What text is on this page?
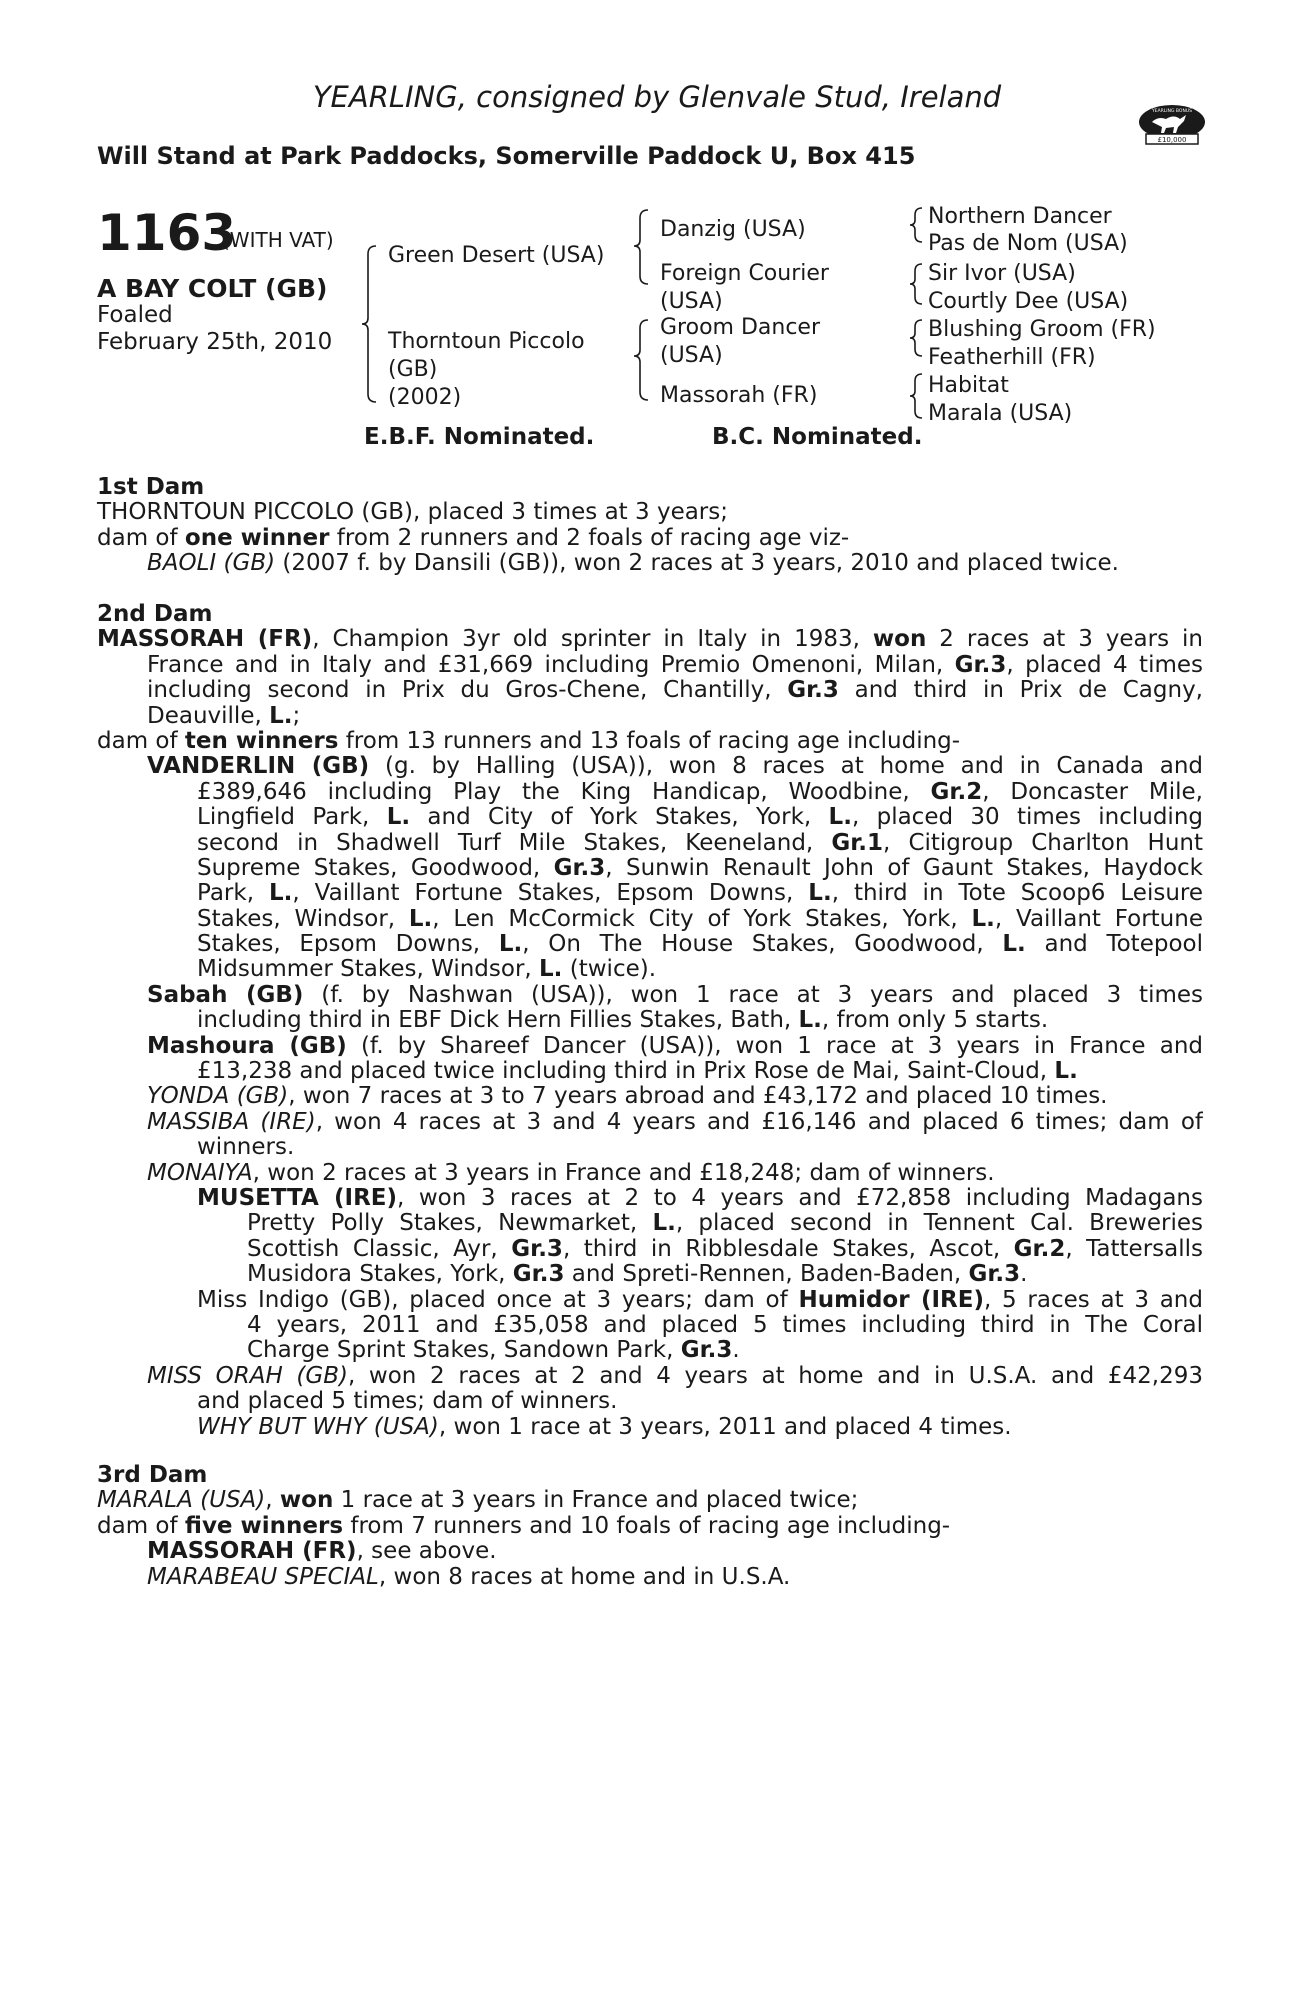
YEARLING, consigned by Glenvale Stud, Ireland
Will Stand at Park Paddocks, Somerville Paddock U, Box 415
£10,000
YEARLING BONUS
1163
(WITH VAT)
A BAY COLT (GB)
Foaled
February 25th, 2010
Green Desert (USA)
Thorntoun Piccolo
(GB)
(2002)
Danzig (USA)
Foreign Courier
(USA)
Groom Dancer
(USA)
Massorah (FR)
Northern Dancer
Pas de Nom (USA)
Sir Ivor (USA)
Courtly Dee (USA)
Blushing Groom (FR)
Featherhill (FR)
Habitat
Marala (USA)
E.B.F. Nominated.	B.C. Nominated.
1st Dam
THORNTOUN PICCOLO (GB), placed 3 times at 3 years;
dam of one winner from 2 runners and 2 foals of racing age viz-
BAOLI (GB) (2007 f. by Dansili (GB)), won 2 races at 3 years, 2010 and placed twice.
2nd Dam
MASSORAH (FR), Champion 3yr old sprinter in Italy in 1983, won 2 races at 3 years in
France and in Italy and £31,669 including Premio Omenoni, Milan, Gr.3, placed 4 times
including second in Prix du Gros-Chene, Chantilly, Gr.3 and third in Prix de Cagny,
Deauville, L.;
dam of ten winners from 13 runners and 13 foals of racing age including-
VANDERLIN (GB) (g. by Halling (USA)), won 8 races at home and in Canada and
£389,646 including Play the King Handicap, Woodbine, Gr.2, Doncaster Mile,
Lingfield Park, L. and City of York Stakes, York, L., placed 30 times including
second in Shadwell Turf Mile Stakes, Keeneland, Gr.1, Citigroup Charlton Hunt
Supreme Stakes, Goodwood, Gr.3, Sunwin Renault John of Gaunt Stakes, Haydock
Park, L., Vaillant Fortune Stakes, Epsom Downs, L., third in Tote Scoop6 Leisure
Stakes, Windsor, L., Len McCormick City of York Stakes, York, L., Vaillant Fortune
Stakes, Epsom Downs, L., On The House Stakes, Goodwood, L. and Totepool
Midsummer Stakes, Windsor, L. (twice).
Sabah (GB) (f. by Nashwan (USA)), won 1 race at 3 years and placed 3 times
including third in EBF Dick Hern Fillies Stakes, Bath, L., from only 5 starts.
Mashoura (GB) (f. by Shareef Dancer (USA)), won 1 race at 3 years in France and
£13,238 and placed twice including third in Prix Rose de Mai, Saint-Cloud, L.
YONDA (GB), won 7 races at 3 to 7 years abroad and £43,172 and placed 10 times.
MASSIBA (IRE), won 4 races at 3 and 4 years and £16,146 and placed 6 times; dam of
winners.
MONAIYA, won 2 races at 3 years in France and £18,248; dam of winners.
MUSETTA (IRE), won 3 races at 2 to 4 years and £72,858 including Madagans
Pretty Polly Stakes, Newmarket, L., placed second in Tennent Cal. Breweries
Scottish Classic, Ayr, Gr.3, third in Ribblesdale Stakes, Ascot, Gr.2, Tattersalls
Musidora Stakes, York, Gr.3 and Spreti-Rennen, Baden-Baden, Gr.3.
Miss Indigo (GB), placed once at 3 years; dam of Humidor (IRE), 5 races at 3 and
4 years, 2011 and £35,058 and placed 5 times including third in The Coral
Charge Sprint Stakes, Sandown Park, Gr.3.
MISS ORAH (GB), won 2 races at 2 and 4 years at home and in U.S.A. and £42,293
and placed 5 times; dam of winners.
WHY BUT WHY (USA), won 1 race at 3 years, 2011 and placed 4 times.
3rd Dam
MARALA (USA), won 1 race at 3 years in France and placed twice;
dam of five winners from 7 runners and 10 foals of racing age including-
MASSORAH (FR), see above.
MARABEAU SPECIAL, won 8 races at home and in U.S.A.
